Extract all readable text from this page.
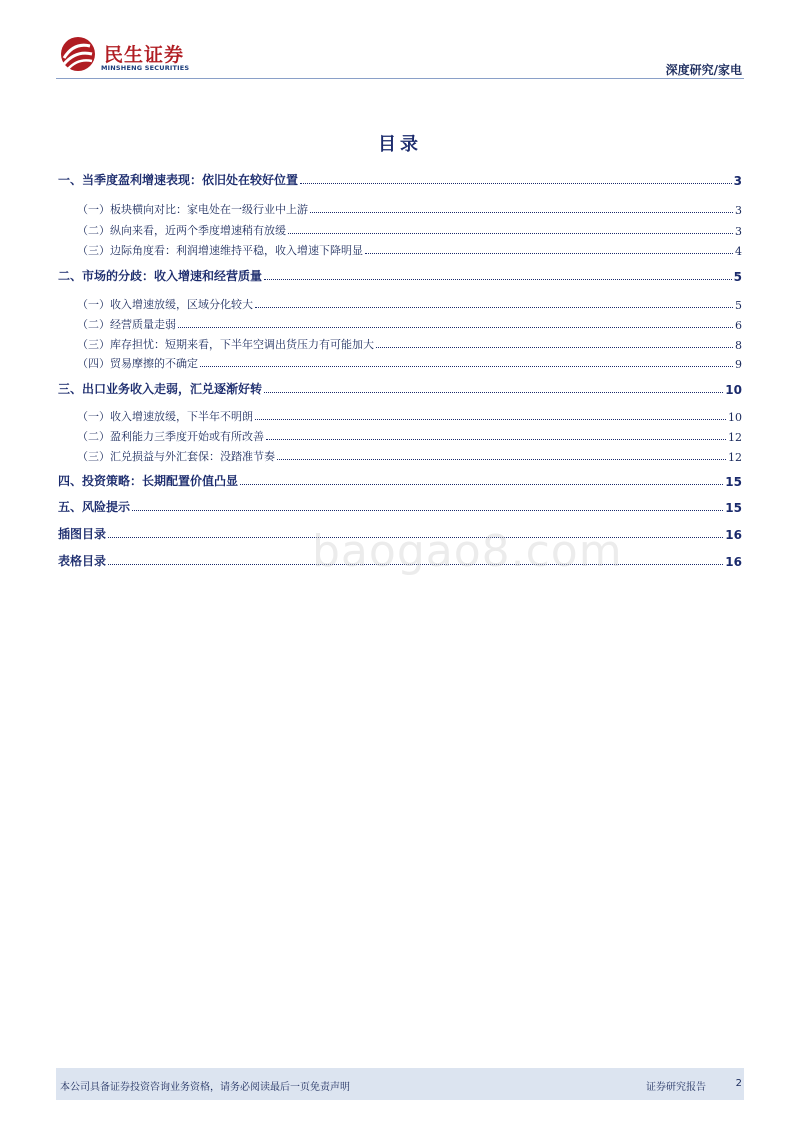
民生证券
MINSHENG SECURITIES	深度研究/家电
目录
一、当季度盈利增速表现：依旧处在较好位置	3
（一）板块横向对比：家电处在一级行业中上游	3
（二）纵向来看，近两个季度增速稍有放缓	3
（三）边际角度看：利润增速维持平稳，收入增速下降明显	4
二、市场的分歧：收入增速和经营质量	5
（一）收入增速放缓，区域分化较大	5
（二）经营质量走弱	6
（三）库存担忧：短期来看，下半年空调出货压力有可能加大	8
（四）贸易摩擦的不确定	9
三、出口业务收入走弱，汇兑逐渐好转	10
（一）收入增速放缓，下半年不明朗	10
（二）盈利能力三季度开始或有所改善	12
（三）汇兑损益与外汇套保：没踏准节奏	12
四、投资策略：长期配置价值凸显	15
五、风险提示	15
插图目录	16
表格目录	16
baogao8.com
本公司具备证券投资咨询业务资格，请务必阅读最后一页免责声明	证券研究报告	2
